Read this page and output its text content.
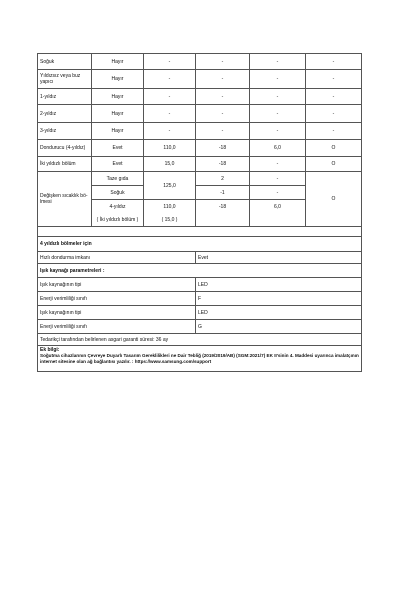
Soğuk	Hayır	-	-	-	-
Yıldızsız veya buz yapıcı	Hayır	-	-	-	-
1-yıldız	Hayır	-	-	-	-
2-yıldız	Hayır	-	-	-	-
3-yıldız	Hayır	-	-	-	-
Dondurucu (4-yıldız)	Evet	110,0	-18	6,0	O
İki yıldızlı bölüm	Evet	15,0	-18	-	O
Değişken sıcaklık bö-lmesi	Taze gıda	125,0	2	-	O
	Soğuk		-1	-	
	4-yıldız	110,0	-18	6,0	
	( İki yıldızlı bölüm )	( 15,0 )			

4 yıldızlı bölmeler için					
Hızlı dondurma imkanı			Evet		
Işık kaynağı parametreleri :					
Işık kaynağının tipi			LED		
Enerji verimliliği sınıfı			F		
Işık kaynağının tipi			LED		
Enerji verimliliği sınıfı			G		
Tedarikçi tarafından belirlenen asgari garanti süresi: 36 ay					

Ek bilgi:
Soğutma cihazlarının Çevreye Duyarlı Tasarım Gereklilikleri ne Dair Tebliğ (2019/2019/AB) (SGM:2021/7) EK II'sinin 4. Maddesi uyarınca imalatçının internet sitesine olan ağ bağlantısı yazılır. : https://www.samsung.com/support					
